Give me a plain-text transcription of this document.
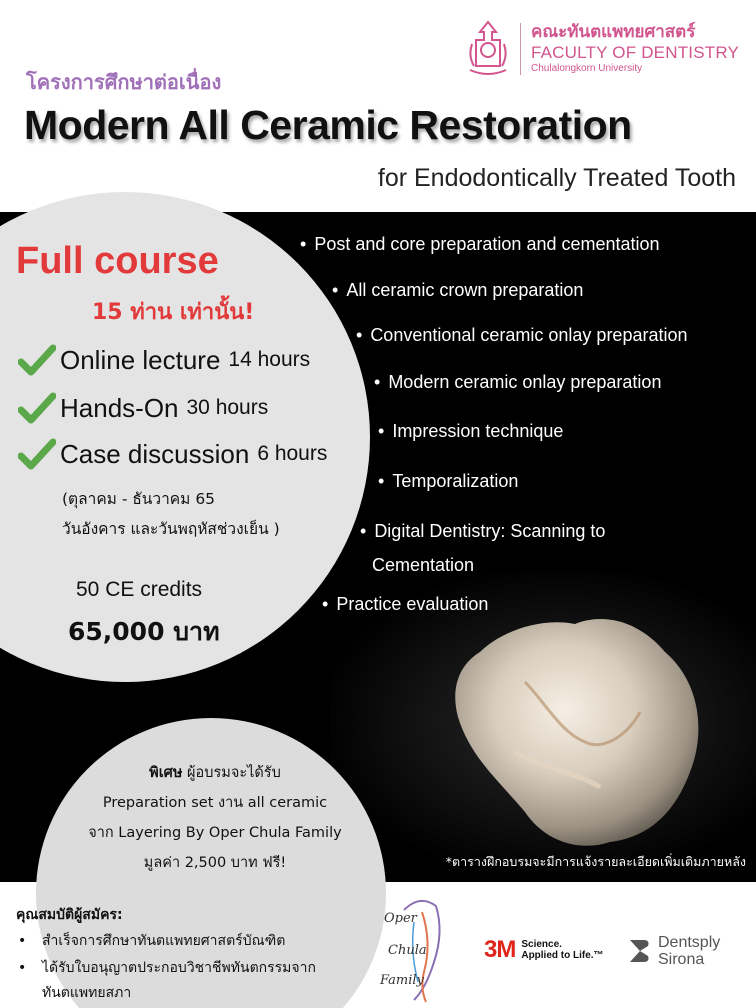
คณะทันตแพทยศาสตร์
FACULTY OF DENTISTRY
Chulalongkorn University
โครงการศึกษาต่อเนื่อง
Modern All Ceramic Restoration
for Endodontically Treated Tooth
Full course
15 ท่าน เท่านั้น!
Online lecture 14 hours
Hands-On 30 hours
Case discussion 6 hours
(ตุลาคม - ธันวาคม 65
วันอังคาร และวันพฤหัสช่วงเย็น )
50 CE credits
65,000 บาท
• Post and core preparation and cementation
• All ceramic crown preparation
• Conventional ceramic onlay preparation
• Modern ceramic onlay preparation
• Impression technique
• Temporalization
• Digital Dentistry: Scanning to
Cementation
• Practice evaluation
พิเศษ ผู้อบรมจะได้รับ
Preparation set งาน all ceramic
จาก Layering By Oper Chula Family
มูลค่า 2,500 บาท ฟรี!	*ตารางฝึกอบรมจะมีการแจ้งรายละเอียดเพิ่มเติมภายหลัง
คุณสมบัติผู้สมัคร:
• สำเร็จการศึกษาทันตแพทยศาสตร์บัณฑิต
• ได้รับใบอนุญาตประกอบวิชาชีพทันตกรรมจาก
ทันตแพทยสภา
Oper
Chula
Family
3M Science.
Applied to Life.™
Dentsply
Sirona
